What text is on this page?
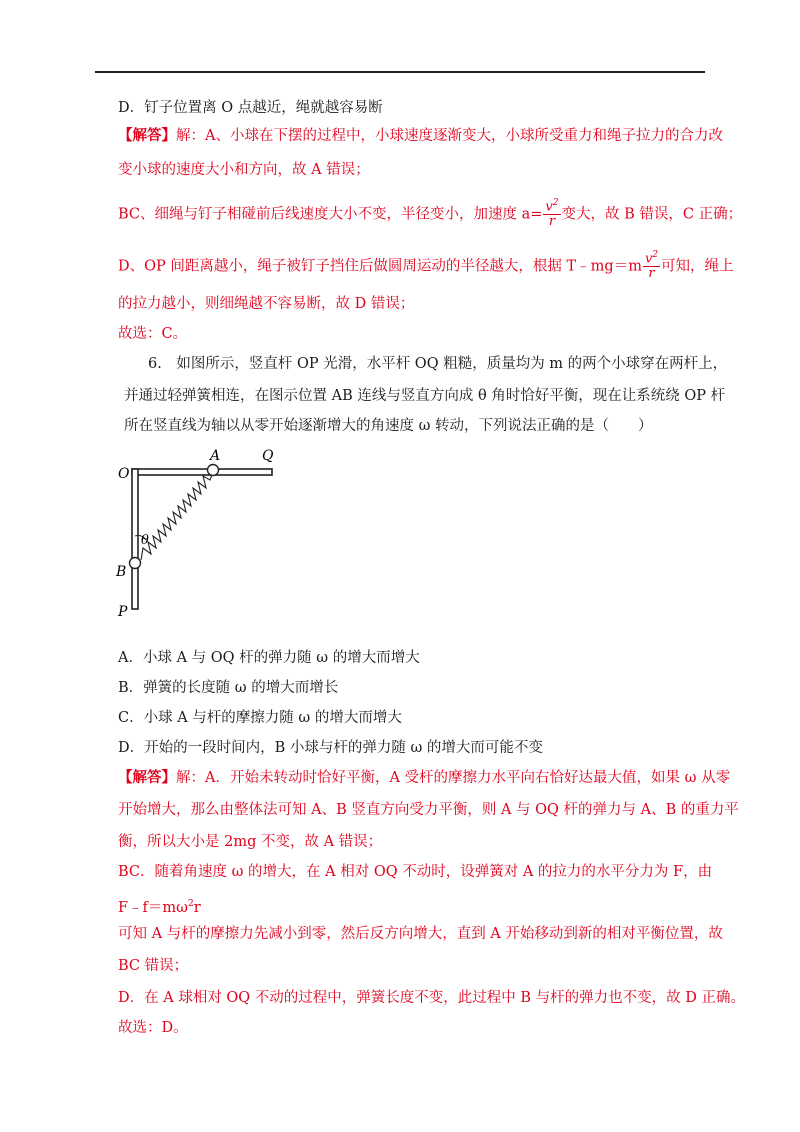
D．钉子位置离 O 点越近，绳就越容易断
【解答】解：A、小球在下摆的过程中，小球速度逐渐变大，小球所受重力和绳子拉力的合力改
变小球的速度大小和方向，故 A 错误；
BC、细绳与钉子相碰前后线速度大小不变，半径变小，加速度 $a= \frac{v^2}{r}$ 变大，故 B 错误，C 正确；
D、OP 间距离越小，绳子被钉子挡住后做圆周运动的半径越大，根据 T﹣mg＝m $\frac{v^2}{r}$ 可知，绳上
的拉力越小，则细绳越不容易断，故 D 错误；
故选：C。
6.　如图所示，竖直杆 OP 光滑，水平杆 OQ 粗糙，质量均为 m 的两个小球穿在两杆上，
并通过轻弹簧相连，在图示位置 AB 连线与竖直方向成 θ 角时恰好平衡，现在让系统绕 OP 杆
所在竖直线为轴以从零开始逐渐增大的角速度 ω 转动，下列说法正确的是（　　）
O
A	Q
θ
B
P
A．小球 A 与 OQ 杆的弹力随 ω 的增大而增大
B．弹簧的长度随 ω 的增大而增长
C．小球 A 与杆的摩擦力随 ω 的增大而增大
D．开始的一段时间内，B 小球与杆的弹力随 ω 的增大而可能不变
【解答】解：A．开始未转动时恰好平衡，A 受杆的摩擦力水平向右恰好达最大值，如果 ω 从零
开始增大，那么由整体法可知 A、B 竖直方向受力平衡，则 A 与 OQ 杆的弹力与 A、B 的重力平
衡，所以大小是 2mg 不变，故 A 错误；
BC．随着角速度 ω 的增大，在 A 相对 OQ 不动时，设弹簧对 A 的拉力的水平分力为 F，由
$F﹣f=m\omega^2r$
可知 A 与杆的摩擦力先减小到零，然后反方向增大，直到 A 开始移动到新的相对平衡位置，故
BC 错误；
D．在 A 球相对 OQ 不动的过程中，弹簧长度不变，此过程中 B 与杆的弹力也不变，故 D 正确。
故选：D。
